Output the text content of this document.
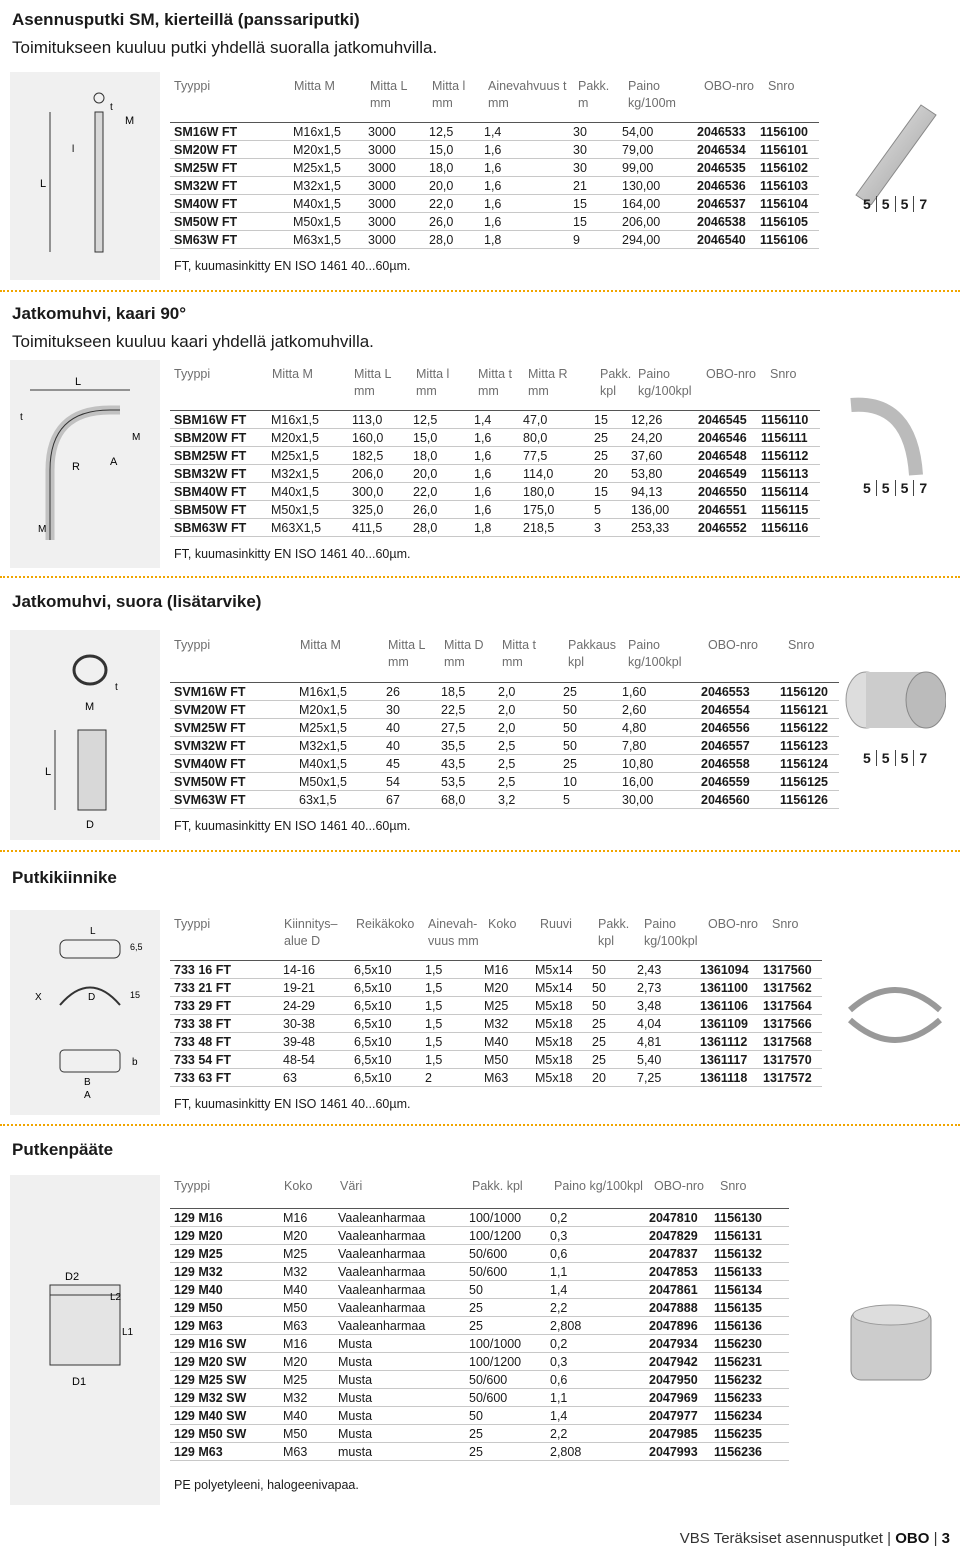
Asennusputki SM, kierteillä (panssariputki)
Toimitukseen kuuluu putki yhdellä suoralla jatkomuhvilla.
L
M
t
l
Tyyppi	Mitta M	Mitta L
mm
Mitta l
mm
Ainevahvuus t
mm
Pakk.
m
Paino
kg/100m
OBO-nro Snro
SM16W FT	M16x1,5	3000	12,5	1,4	30	54,00	2046533	1156100
SM20W FT	M20x1,5	3000	15,0	1,6	30	79,00	2046534	1156101
SM25W FT	M25x1,5	3000	18,0	1,6	30	99,00	2046535	1156102
SM32W FT	M32x1,5	3000	20,0	1,6	21	130,00	2046536	1156103
SM40W FT	M40x1,5	3000	22,0	1,6	15	164,00	2046537	1156104
SM50W FT	M50x1,5	3000	26,0	1,6	15	206,00	2046538	1156105
SM63W FT	M63x1,5	3000	28,0	1,8	9	294,00	2046540	1156106
FT, kuumasinkitty EN ISO 1461 40...60µm.
5 5 5 7
Jatkomuhvi, kaari 90°
Toimitukseen kuuluu kaari yhdellä jatkomuhvilla.
L
t
R	A
M
M
Tyyppi	Mitta M	Mitta L
mm
Mitta l
mm
Mitta t
mm
Mitta R
mm
Pakk.
kpl
Paino
kg/100kpl
OBO-nro Snro
SBM16W FT	M16x1,5	113,0	12,5	1,4	47,0	15	12,26	2046545	1156110
SBM20W FT	M20x1,5	160,0	15,0	1,6	80,0	25	24,20	2046546	1156111
SBM25W FT	M25x1,5	182,5	18,0	1,6	77,5	25	37,60	2046548	1156112
SBM32W FT	M32x1,5	206,0	20,0	1,6	114,0	20	53,80	2046549	1156113
SBM40W FT	M40x1,5	300,0	22,0	1,6	180,0	15	94,13	2046550	1156114
SBM50W FT	M50x1,5	325,0	26,0	1,6	175,0	5	136,00	2046551	1156115
SBM63W FT	M63X1,5	411,5	28,0	1,8	218,5	3	253,33	2046552	1156116
FT, kuumasinkitty EN ISO 1461 40...60µm.
5 5 5 7
Jatkomuhvi, suora (lisätarvike)
M
t
L
D
Tyyppi	Mitta M	Mitta L
mm
Mitta D
mm
Mitta t
mm
Pakkaus
kpl
Paino
kg/100kpl
OBO-nro Snro
SVM16W FT	M16x1,5	26	18,5	2,0	25	1,60	2046553	1156120
SVM20W FT	M20x1,5	30	22,5	2,0	50	2,60	2046554	1156121
SVM25W FT	M25x1,5	40	27,5	2,0	50	4,80	2046556	1156122
SVM32W FT	M32x1,5	40	35,5	2,5	50	7,80	2046557	1156123
SVM40W FT	M40x1,5	45	43,5	2,5	25	10,80	2046558	1156124
SVM50W FT	M50x1,5	54	53,5	2,5	10	16,00	2046559	1156125
SVM63W FT	63x1,5	67	68,0	3,2	5	30,00	2046560	1156126
FT, kuumasinkitty EN ISO 1461 40...60µm.
5 5 5 7
Putkikiinnike
L
6,5
X	D	15
b
B
A
Tyyppi	Kiinnitys–
alue D
Reikäkoko Ainevah-
vuus mm
Koko Ruuvi Pakk.
kpl
Paino
kg/100kpl
OBO-nro Snro
733 16 FT	14-16	6,5x10	1,5	M16	M5x14	50	2,43	1361094	1317560
733 21 FT	19-21	6,5x10	1,5	M20	M5x14	50	2,73	1361100	1317562
733 29 FT	24-29	6,5x10	1,5	M25	M5x18	50	3,48	1361106	1317564
733 38 FT	30-38	6,5x10	1,5	M32	M5x18	25	4,04	1361109	1317566
733 48 FT	39-48	6,5x10	1,5	M40	M5x18	25	4,81	1361112	1317568
733 54 FT	48-54	6,5x10	1,5	M50	M5x18	25	5,40	1361117	1317570
733 63 FT	63	6,5x10	2	M63	M5x18	20	7,25	1361118	1317572
FT, kuumasinkitty EN ISO 1461 40...60µm.
Putkenpääte
D2
L2
L1
D1
Tyyppi	Koko Väri	Pakk. kpl	Paino kg/100kpl OBO-nro Snro
129 M16	M16	Vaaleanharmaa	100/1000	0,2	2047810	1156130
129 M20	M20	Vaaleanharmaa	100/1200	0,3	2047829	1156131
129 M25	M25	Vaaleanharmaa	50/600	0,6	2047837	1156132
129 M32	M32	Vaaleanharmaa	50/600	1,1	2047853	1156133
129 M40	M40	Vaaleanharmaa	50	1,4	2047861	1156134
129 M50	M50	Vaaleanharmaa	25	2,2	2047888	1156135
129 M63	M63	Vaaleanharmaa	25	2,808	2047896	1156136
129 M16 SW	M16	Musta	100/1000	0,2	2047934	1156230
129 M20 SW	M20	Musta	100/1200	0,3	2047942	1156231
129 M25 SW	M25	Musta	50/600	0,6	2047950	1156232
129 M32 SW	M32	Musta	50/600	1,1	2047969	1156233
129 M40 SW	M40	Musta	50	1,4	2047977	1156234
129 M50 SW	M50	Musta	25	2,2	2047985	1156235
129 M63	M63	musta	25	2,808	2047993	1156236
PE polyetyleeni, halogeenivapaa.
VBS Teräksiset asennusputket | OBO | 3
